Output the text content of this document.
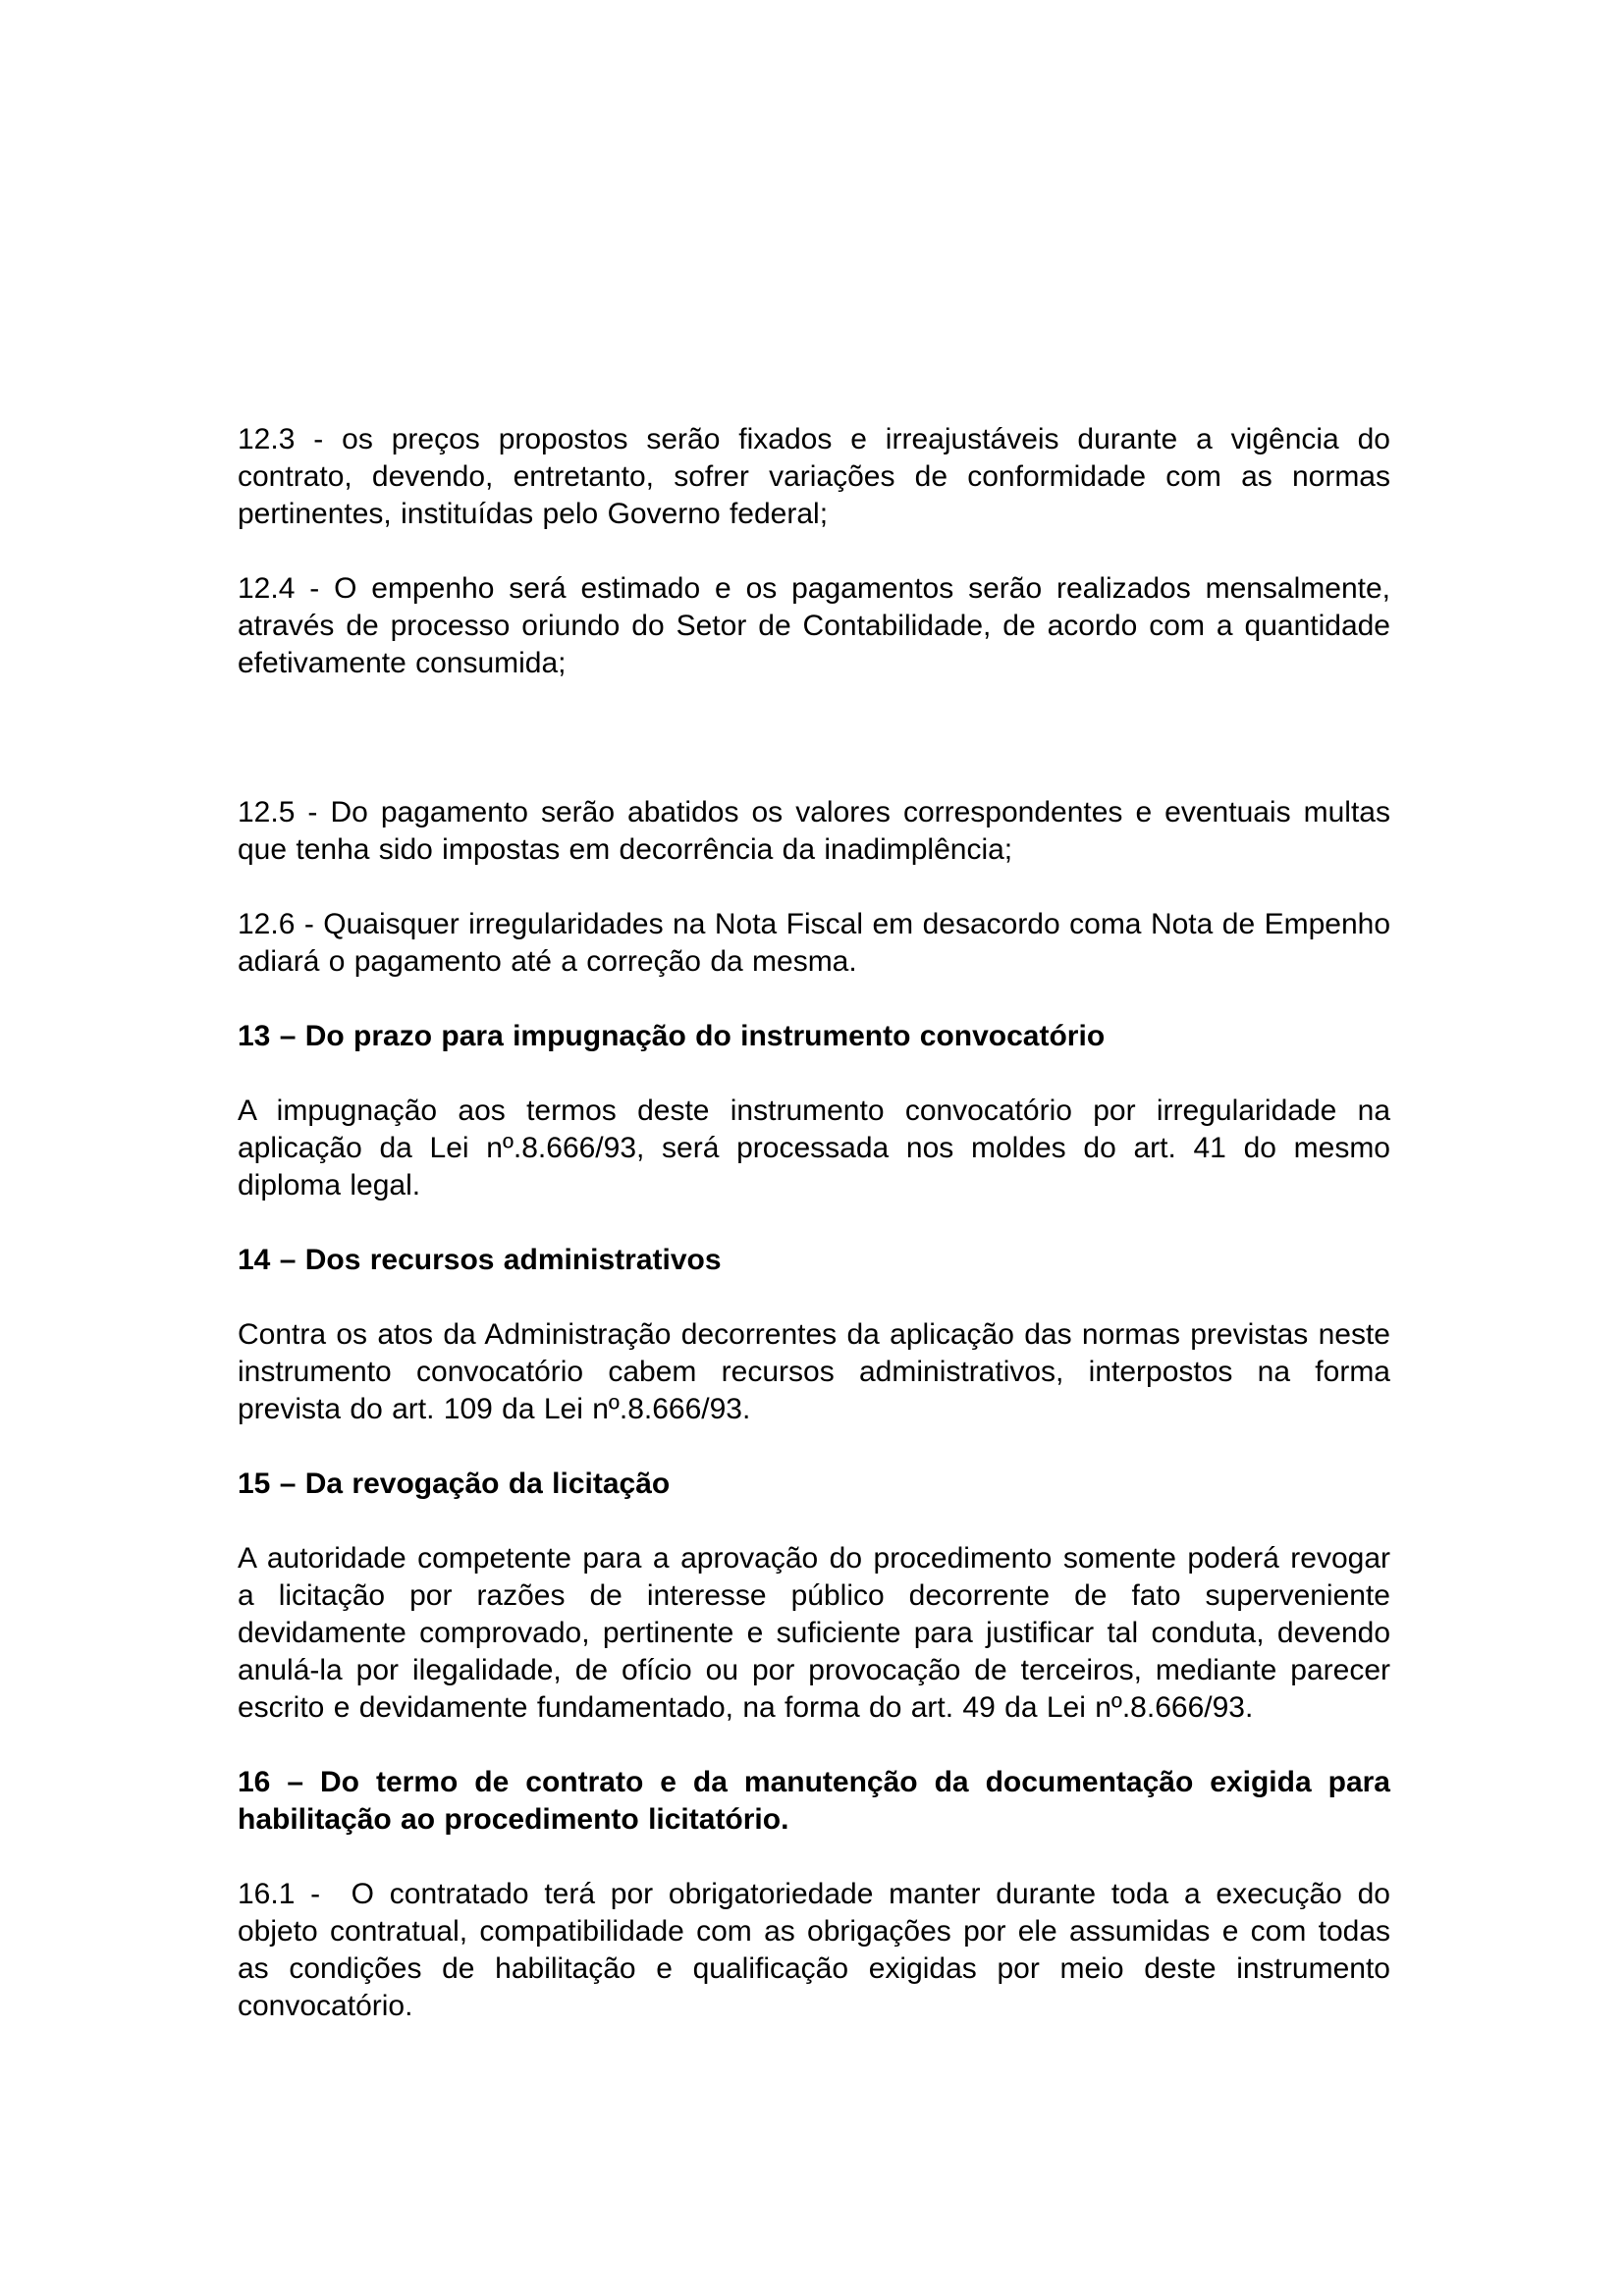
12.3 - os preços propostos serão fixados e irreajustáveis durante a vigência do contrato, devendo, entretanto, sofrer variações de conformidade com as normas pertinentes, instituídas pelo Governo federal;

12.4 - O empenho será estimado e os pagamentos serão realizados mensalmente, através de processo oriundo do Setor de Contabilidade, de acordo com a quantidade efetivamente consumida;

12.5 - Do pagamento serão abatidos os valores correspondentes e eventuais multas que tenha sido impostas em decorrência da inadimplência;

12.6 - Quaisquer irregularidades na Nota Fiscal em desacordo coma Nota de Empenho adiará o pagamento até a correção da mesma.

13 – Do prazo para impugnação do instrumento convocatório

A impugnação aos termos deste instrumento convocatório por irregularidade na aplicação da Lei nº.8.666/93, será processada nos moldes do art. 41 do mesmo diploma legal.

14 – Dos recursos administrativos

Contra os atos da Administração decorrentes da aplicação das normas previstas neste instrumento convocatório cabem recursos administrativos, interpostos na forma prevista do art. 109 da Lei nº.8.666/93.

15 – Da revogação da licitação

A autoridade competente para a aprovação do procedimento somente poderá revogar a licitação por razões de interesse público decorrente de fato superveniente devidamente comprovado, pertinente e suficiente para justificar tal conduta, devendo anulá-la por ilegalidade, de ofício ou por provocação de terceiros, mediante parecer escrito e devidamente fundamentado, na forma do art. 49 da Lei nº.8.666/93.

16 – Do termo de contrato e da manutenção da documentação exigida para habilitação ao procedimento licitatório.

16.1 -  O contratado terá por obrigatoriedade manter durante toda a execução do objeto contratual, compatibilidade com as obrigações por ele assumidas e com todas as condições de habilitação e qualificação exigidas por meio deste instrumento convocatório.
